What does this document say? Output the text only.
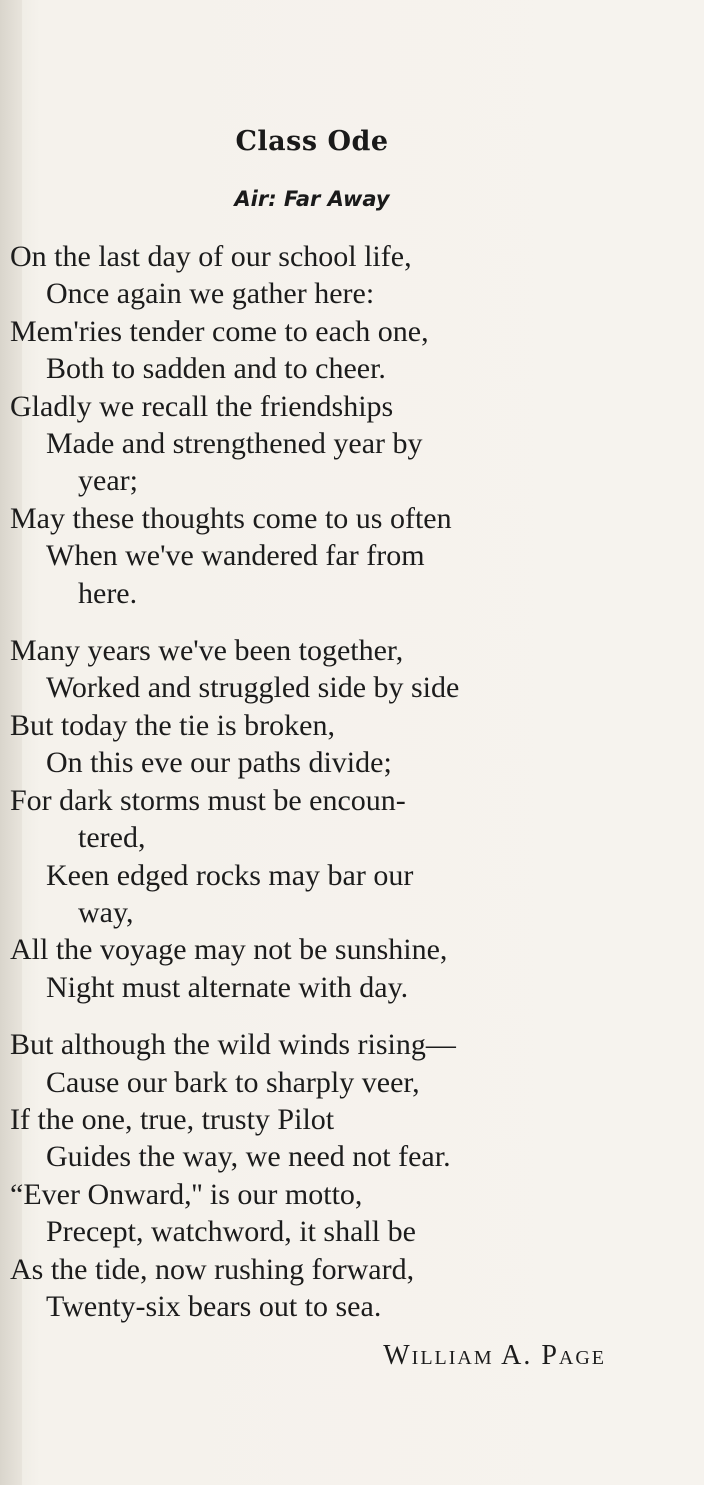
Class Ode
Air: Far Away
On the last day of our school life,
Once again we gather here:
Mem'ries tender come to each one,
Both to sadden and to cheer.
Gladly we recall the friendships
Made and strengthened year by
year;
May these thoughts come to us often
When we've wandered far from
here.
Many years we've been together,
Worked and struggled side by side
But today the tie is broken,
On this eve our paths divide;
For dark storms must be encoun-
tered,
Keen edged rocks may bar our
way,
All the voyage may not be sunshine,
Night must alternate with day.
But although the wild winds rising—
Cause our bark to sharply veer,
If the one, true, trusty Pilot
Guides the way, we need not fear.
“Ever Onward,'' is our motto,
Precept, watchword, it shall be
As the tide, now rushing forward,
Twenty-six bears out to sea.
William A. Page
